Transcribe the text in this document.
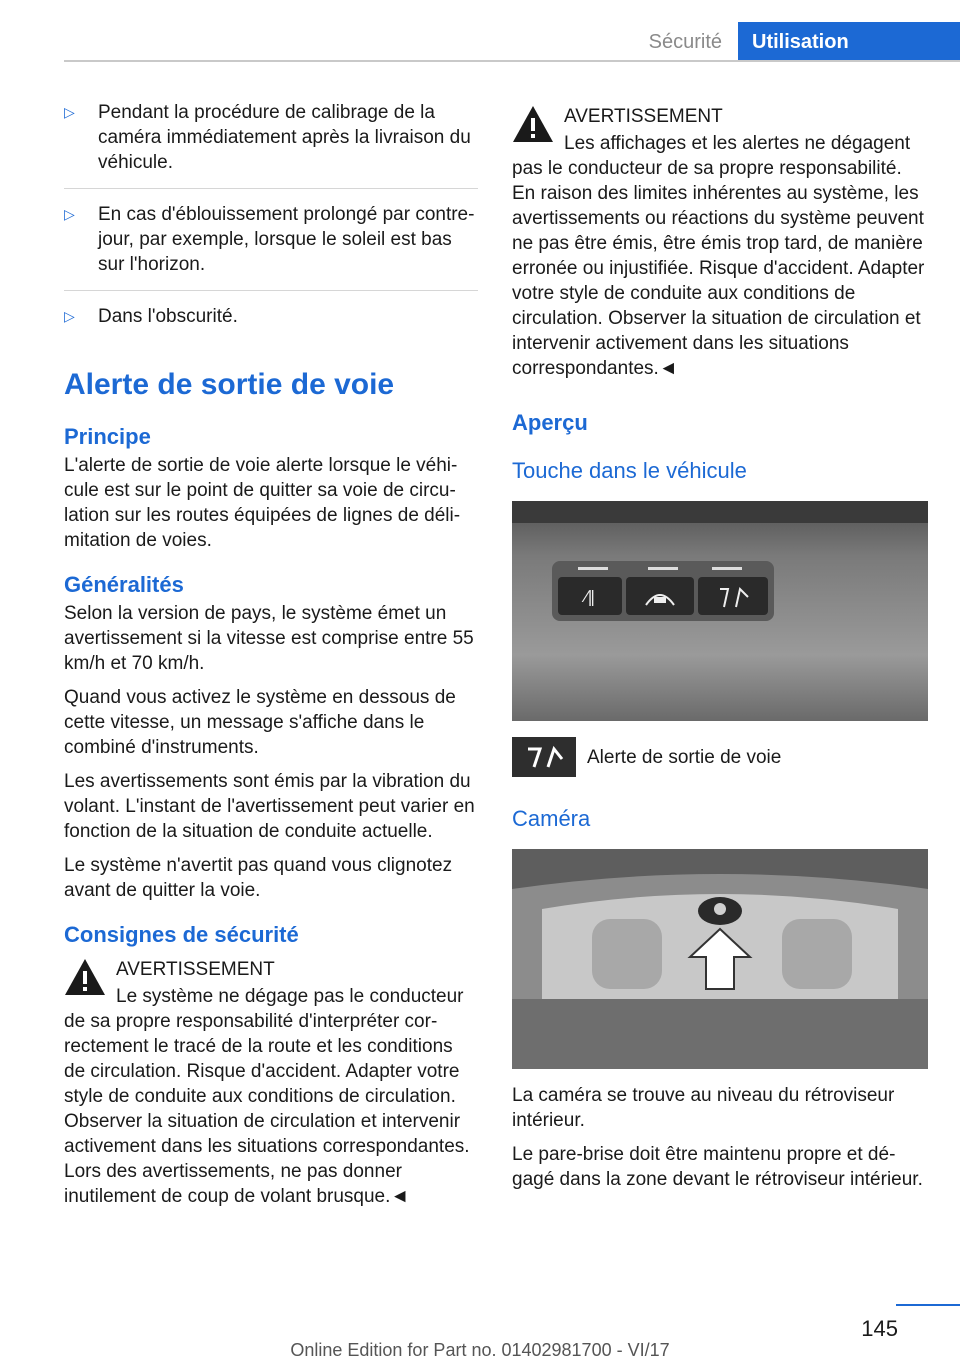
Sécurité	Utilisation
▷ Pendant la procédure de calibrage de la caméra immédiatement après la livraison du véhicule.
▷ En cas d'éblouissement prolongé par contre-jour, par exemple, lorsque le soleil est bas sur l'horizon.
▷ Dans l'obscurité.
Alerte de sortie de voie
Principe

L'alerte de sortie de voie alerte lorsque le véhicule est sur le point de quitter sa voie de circulation sur les routes équipées de lignes de délimitation de voies.

Généralités

Selon la version de pays, le système émet un avertissement si la vitesse est comprise entre 55 km/h et 70 km/h.

Quand vous activez le système en dessous de cette vitesse, un message s'affiche dans le combiné d'instruments.

Les avertissements sont émis par la vibration du volant. L'instant de l'avertissement peut varier en fonction de la situation de conduite actuelle.

Le système n'avertit pas quand vous clignotez avant de quitter la voie.

Consignes de sécurité
AVERTISSEMENT
Le système ne dégage pas le conducteur
de sa propre responsabilité d'interpréter correctement le tracé de la route et les conditions de circulation. Risque d'accident. Adapter votre style de conduite aux conditions de circulation. Observer la situation de circulation et intervenir activement dans les situations correspondantes. Lors des avertissements, ne pas donner inutilement de coup de volant brusque.◄
AVERTISSEMENT
Les affichages et les alertes ne dégagent
pas le conducteur de sa propre responsabilité. En raison des limites inhérentes au système, les avertissements ou réactions du système peuvent ne pas être émis, être émis trop tard, de manière erronée ou injustifiée. Risque d'accident. Adapter votre style de conduite aux conditions de circulation. Observer la situation de circulation et intervenir activement dans les situations correspondantes.◄
Aperçu
Touche dans le véhicule
⁄‖
Alerte de sortie de voie
Caméra

La caméra se trouve au niveau du rétroviseur intérieur.

Le pare-brise doit être maintenu propre et dégagé dans la zone devant le rétroviseur intérieur.

145
Online Edition for Part no. 01402981700 - VI/17
